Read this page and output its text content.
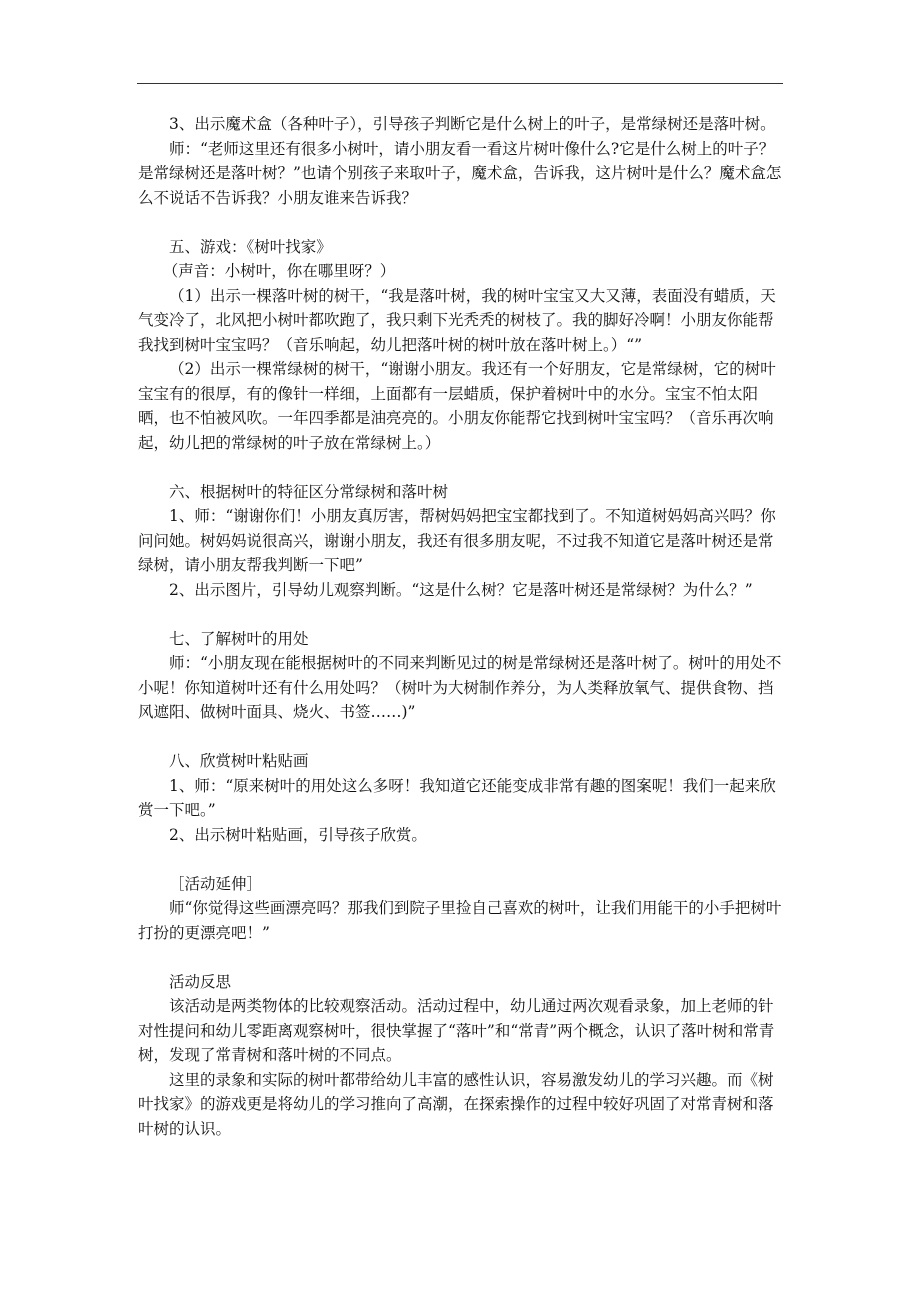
3、出示魔术盒（各种叶子），引导孩子判断它是什么树上的叶子，是常绿树还是落叶树。

师：“老师这里还有很多小树叶，请小朋友看一看这片树叶像什么?它是什么树上的叶子？是常绿树还是落叶树？”也请个别孩子来取叶子，魔术盒，告诉我，这片树叶是什么？魔术盒怎么不说话不告诉我？小朋友谁来告诉我？

五、游戏：《树叶找家》

（声音：小树叶，你在哪里呀？）

（1）出示一棵落叶树的树干，“我是落叶树，我的树叶宝宝又大又薄，表面没有蜡质，天气变冷了，北风把小树叶都吹跑了，我只剩下光秃秃的树枝了。我的脚好冷啊！小朋友你能帮我找到树叶宝宝吗？（音乐响起，幼儿把落叶树的树叶放在落叶树上。）“”

（2）出示一棵常绿树的树干，“谢谢小朋友。我还有一个好朋友，它是常绿树，它的树叶宝宝有的很厚，有的像针一样细，上面都有一层蜡质，保护着树叶中的水分。宝宝不怕太阳晒，也不怕被风吹。一年四季都是油亮亮的。小朋友你能帮它找到树叶宝宝吗？（音乐再次响起，幼儿把的常绿树的叶子放在常绿树上。）

六、根据树叶的特征区分常绿树和落叶树

1、师：“谢谢你们！小朋友真厉害，帮树妈妈把宝宝都找到了。不知道树妈妈高兴吗？你问问她。树妈妈说很高兴，谢谢小朋友，我还有很多朋友呢，不过我不知道它是落叶树还是常绿树，请小朋友帮我判断一下吧”

2、出示图片，引导幼儿观察判断。“这是什么树？它是落叶树还是常绿树？为什么？”

七、了解树叶的用处

师：“小朋友现在能根据树叶的不同来判断见过的树是常绿树还是落叶树了。树叶的用处不小呢！你知道树叶还有什么用处吗？（树叶为大树制作养分，为人类释放氧气、提供食物、挡风遮阳、做树叶面具、烧火、书签……)”

八、欣赏树叶粘贴画

1、师：“原来树叶的用处这么多呀！我知道它还能变成非常有趣的图案呢！我们一起来欣赏一下吧。”

2、出示树叶粘贴画，引导孩子欣赏。

［活动延伸］

师“你觉得这些画漂亮吗？那我们到院子里捡自己喜欢的树叶，让我们用能干的小手把树叶打扮的更漂亮吧！”

活动反思

该活动是两类物体的比较观察活动。活动过程中，幼儿通过两次观看录象，加上老师的针对性提问和幼儿零距离观察树叶，很快掌握了“落叶”和“常青”两个概念，认识了落叶树和常青树，发现了常青树和落叶树的不同点。

这里的录象和实际的树叶都带给幼儿丰富的感性认识，容易激发幼儿的学习兴趣。而《树叶找家》的游戏更是将幼儿的学习推向了高潮，在探索操作的过程中较好巩固了对常青树和落叶树的认识。
